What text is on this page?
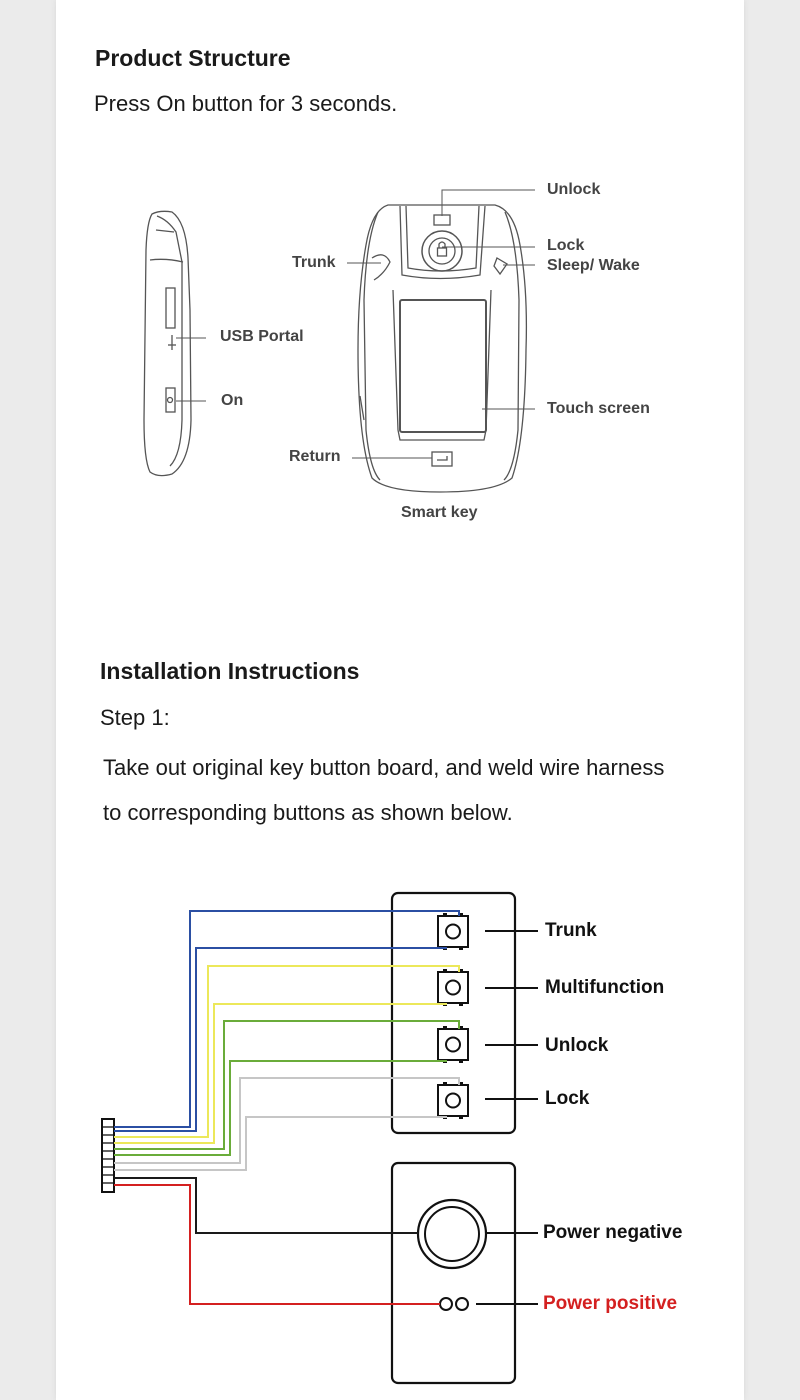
Product Structure
Press On button for 3 seconds.
Unlock
Lock
Sleep/ Wake
Trunk
USB Portal
On	Touch screen
Return
Smart key
Installation Instructions
Step 1:
Take out original key button board, and weld wire harness
to corresponding buttons as shown below.
Trunk
Multifunction
Unlock
Lock
Power negative
Power positive
